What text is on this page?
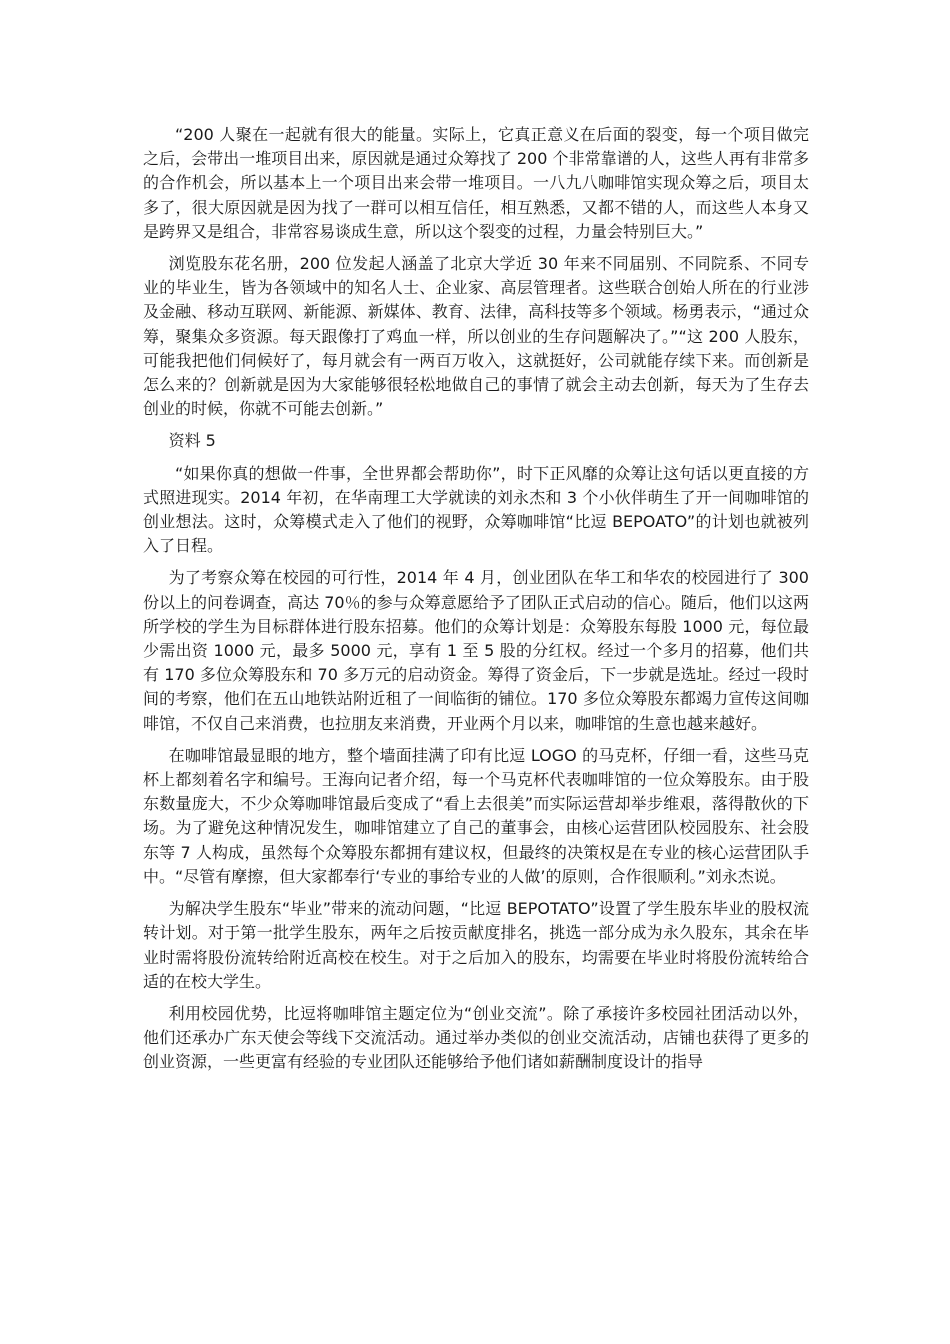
“200 人聚在一起就有很大的能量。实际上，它真正意义在后面的裂变，每一个项目做完之后，会带出一堆项目出来，原因就是通过众筹找了 200 个非常靠谱的人，这些人再有非常多的合作机会，所以基本上一个项目出来会带一堆项目。一八九八咖啡馆实现众筹之后，项目太多了，很大原因就是因为找了一群可以相互信任，相互熟悉，又都不错的人，而这些人本身又是跨界又是组合，非常容易谈成生意，所以这个裂变的过程，力量会特别巨大。”

浏览股东花名册，200 位发起人涵盖了北京大学近 30 年来不同届别、不同院系、不同专业的毕业生，皆为各领域中的知名人士、企业家、高层管理者。这些联合创始人所在的行业涉及金融、移动互联网、新能源、新媒体、教育、法律，高科技等多个领域。杨勇表示，“通过众筹，聚集众多资源。每天跟像打了鸡血一样，所以创业的生存问题解决了。”“这 200 人股东，可能我把他们伺候好了，每月就会有一两百万收入，这就挺好，公司就能存续下来。而创新是怎么来的？创新就是因为大家能够很轻松地做自己的事情了就会主动去创新，每天为了生存去创业的时候，你就不可能去创新。”

资料 5

“如果你真的想做一件事，全世界都会帮助你”，时下正风靡的众筹让这句话以更直接的方式照进现实。2014 年初，在华南理工大学就读的刘永杰和 3 个小伙伴萌生了开一间咖啡馆的创业想法。这时，众筹模式走入了他们的视野，众筹咖啡馆“比逗 BEPOATO”的计划也就被列入了日程。

为了考察众筹在校园的可行性，2014 年 4 月，创业团队在华工和华农的校园进行了 300 份以上的问卷调查，高达 70％的参与众筹意愿给予了团队正式启动的信心。随后，他们以这两所学校的学生为目标群体进行股东招募。他们的众筹计划是：众筹股东每股 1000 元，每位最少需出资 1000 元，最多 5000 元，享有 1 至 5 股的分红权。经过一个多月的招募，他们共有 170 多位众筹股东和 70 多万元的启动资金。筹得了资金后，下一步就是选址。经过一段时间的考察，他们在五山地铁站附近租了一间临街的铺位。170 多位众筹股东都竭力宣传这间咖啡馆，不仅自己来消费，也拉朋友来消费，开业两个月以来，咖啡馆的生意也越来越好。

在咖啡馆最显眼的地方，整个墙面挂满了印有比逗 LOGO 的马克杯，仔细一看，这些马克杯上都刻着名字和编号。王海向记者介绍，每一个马克杯代表咖啡馆的一位众筹股东。由于股东数量庞大，不少众筹咖啡馆最后变成了“看上去很美”而实际运营却举步维艰，落得散伙的下场。为了避免这种情况发生，咖啡馆建立了自己的董事会，由核心运营团队校园股东、社会股东等 7 人构成，虽然每个众筹股东都拥有建议权，但最终的决策权是在专业的核心运营团队手中。“尽管有摩擦，但大家都奉行‘专业的事给专业的人做’的原则，合作很顺利。”刘永杰说。

为解决学生股东“毕业”带来的流动问题，“比逗 BEPOTATO”设置了学生股东毕业的股权流转计划。对于第一批学生股东，两年之后按贡献度排名，挑选一部分成为永久股东，其余在毕业时需将股份流转给附近高校在校生。对于之后加入的股东，均需要在毕业时将股份流转给合适的在校大学生。

利用校园优势，比逗将咖啡馆主题定位为“创业交流”。除了承接许多校园社团活动以外，他们还承办广东天使会等线下交流活动。通过举办类似的创业交流活动，店铺也获得了更多的创业资源，一些更富有经验的专业团队还能够给予他们诸如薪酬制度设计的指导
